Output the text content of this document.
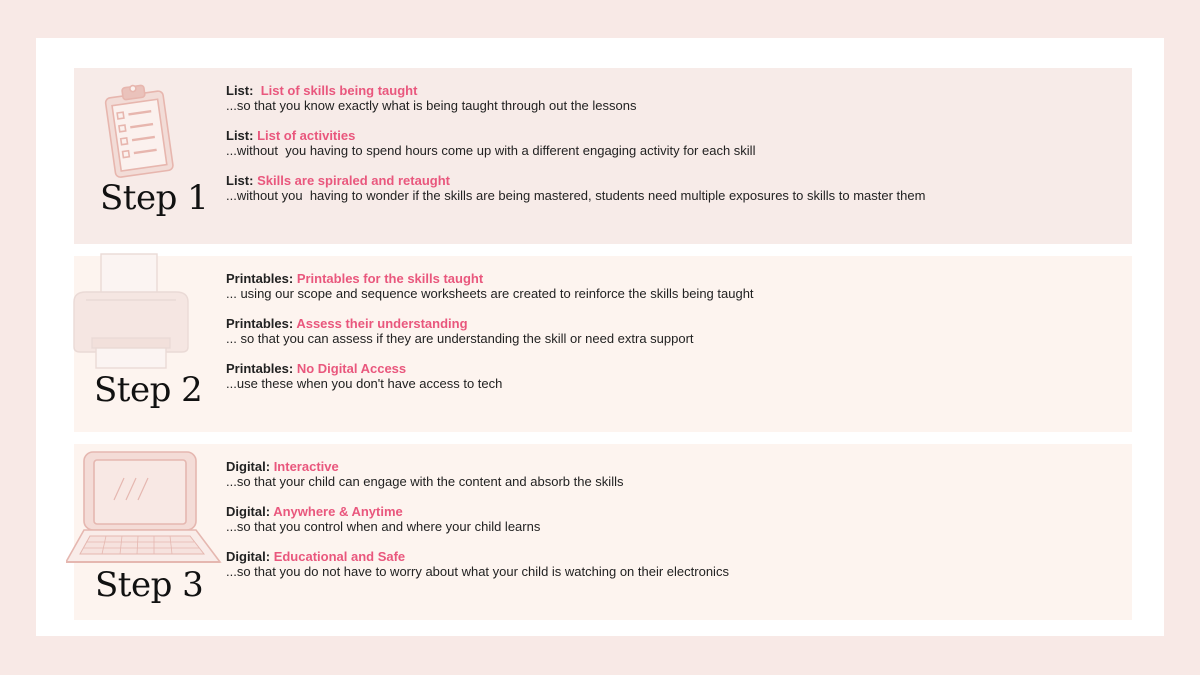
Step 1
List: List of skills being taught
...so that you know exactly what is being taught through out the lessons
List: List of activities
...without  you having to spend hours come up with a different engaging activity for each skill
List: Skills are spiraled and retaught
...without you  having to wonder if the skills are being mastered, students need multiple exposures to skills to master them
Step 2
Printables: Printables for the skills taught
... using our scope and sequence worksheets are created to reinforce the skills being taught
Printables: Assess their understanding
... so that you can assess if they are understanding the skill or need extra support
Printables: No Digital Access
...use these when you don't have access to tech
Step 3
Digital: Interactive
...so that your child can engage with the content and absorb the skills
Digital: Anywhere & Anytime
...so that you control when and where your child learns
Digital: Educational and Safe
...so that you do not have to worry about what your child is watching on their electronics
